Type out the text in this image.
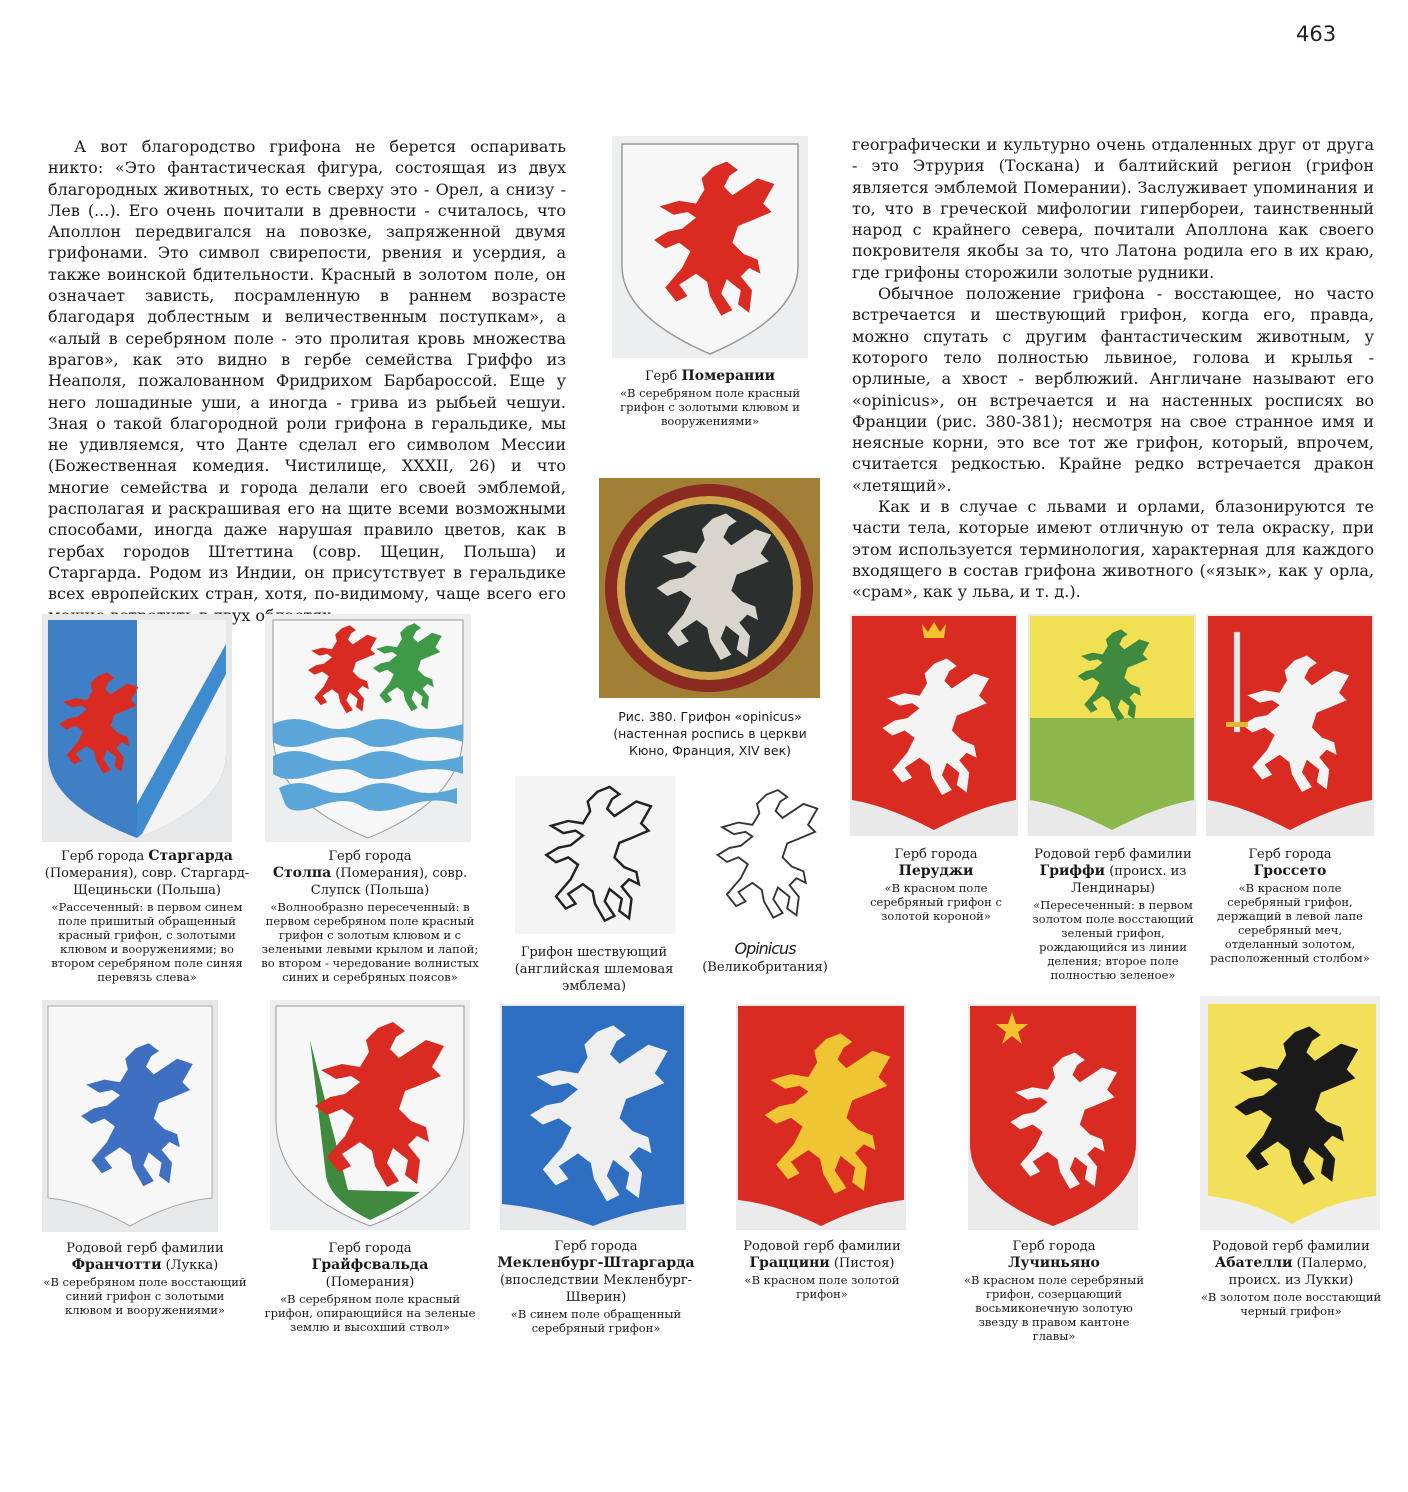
463

А вот благородство грифона не берется оспаривать никто: «Это фантастическая фигура, состоящая из двух благородных животных, то есть сверху это - Орел, а снизу - Лев (...). Его очень почитали в древности - считалось, что Аполлон передвигался на повозке, запряженной двумя грифонами. Это символ свирепости, рвения и усердия, а также воинской бдительности. Красный в золотом поле, он означает зависть, посрамленную в раннем возрасте благодаря доблестным и величественным поступкам», а «алый в серебряном поле - это пролитая кровь множества врагов», как это видно в гербе семейства Гриффо из Неаполя, пожалованном Фридрихом Барбароссой. Еще у него лошадиные уши, а иногда - грива из рыбьей чешуи. Зная о такой благородной роли грифона в геральдике, мы не удивляемся, что Данте сделал его символом Мессии (Божественная комедия. Чистилище, XXXII, 26) и что многие семейства и города делали его своей эмблемой, располагая и раскрашивая его на щите всеми возможными способами, иногда даже нарушая правило цветов, как в гербах городов Штеттина (совр. Щецин, Польша) и Старгарда. Родом из Индии, он присутствует в геральдике всех европейских стран, хотя, по-видимому, чаще всего его

географически и культурно очень отдаленных друг от друга - это Этрурия (Тоскана) и балтийский регион (грифон является эмблемой Померании). Заслуживает упоминания и то, что в греческой мифологии гипербореи, таинственный народ с крайнего севера, почитали Аполлона как своего покровителя якобы за то, что Латона родила его в их краю, где грифоны сторожили золотые рудники.

Обычное положение грифона - восстающее, но часто встречается и шествующий грифон, когда его, правда, можно спутать с другим фантастическим животным, у которого тело полностью львиное, голова и крылья - орлиные, а хвост - верблюжий. Англичане называют его «opinicus», он встречается и на настенных росписях во Франции (рис. 380-381); несмотря на свое странное имя и неясные корни, это все тот же грифон, который, впрочем, считается редкостью. Крайне редко встречается дракон «летящий».

Как и в случае с львами и орлами, блазонируются те части тела, которые имеют отличную от тела окраску, при этом используется терминология, характерная для каждого входящего в состав грифона животного («язык», как у орла, «срам», как у льва, и т. д.).

Герб Померании
«В серебряном поле красный грифон с золотыми клювом и вооружениями»
Рис. 380. Грифон «opinicus» (настенная роспись в церкви Кюно, Франция, XIV век)
Герб города Старгарда (Померания), совр. Старгард-Щециньски (Польша)
«Рассеченный: в первом синем поле пришитый обращенный красный грифон, с золотыми клювом и вооружениями; во втором серебряном поле синяя перевязь слева»
Герб города
Столпа (Померания), совр. Слупск (Польша)
«Волнообразно пересеченный: в первом серебряном поле красный грифон с золотым клювом и с зелеными левыми крылом и лапой; во втором - чередование волнистых синих и серебряных поясов»
Грифон шествующий (английская шлемовая эмблема)
Opinicus
(Великобритания)
Герб города
Перуджи
«В красном поле серебряный грифон с золотой короной»
Родовой герб фамилии
Гриффи (происх. из Лендинары)
«Пересеченный: в первом золотом поле восстающий зеленый грифон, рождающийся из линии деления; второе поле полностью зеленое»
Герб города
Гроссето
«В красном поле серебряный грифон, держащий в левой лапе серебряный меч, отделанный золотом, расположенный столбом»
Родовой герб фамилии
Франчотти (Лукка)
«В серебряном поле восстающий синий грифон с золотыми клювом и вооружениями»
Герб города
Грайфсвальда
(Померания)
«В серебряном поле красный грифон, опирающийся на зеленые землю и высохший ствол»
Герб города
Мекленбург-Штаргарда
(впоследствии Мекленбург-Шверин)
«В синем поле обращенный серебряный грифон»
Родовой герб фамилии
Граццини (Пистоя)
«В красном поле золотой грифон»
Герб города
Лучиньяно
«В красном поле серебряный грифон, созерцающий восьмиконечную золотую звезду в правом кантоне главы»
Родовой герб фамилии
Абателли (Палермо, происх. из Лукки)
«В золотом поле восстающий черный грифон»
